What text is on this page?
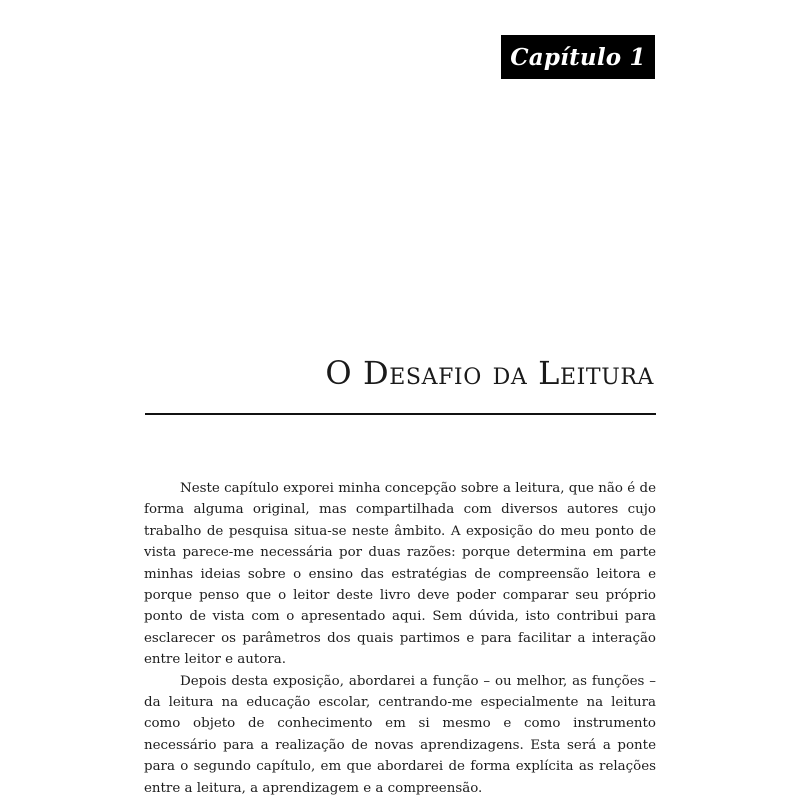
Capítulo 1
O Desafio da Leitura

Neste capítulo exporei minha concepção sobre a leitura, que não é de forma alguma original, mas compartilhada com diversos autores cujo trabalho de pesquisa situa-se neste âmbito. A exposição do meu ponto de vista parece-me necessária por duas razões: porque determina em parte minhas ideias sobre o ensino das estratégias de compreensão leitora e porque penso que o leitor deste livro deve poder comparar seu próprio ponto de vista com o apresentado aqui. Sem dúvida, isto contribui para esclarecer os parâmetros dos quais partimos e para facilitar a interação entre leitor e autora.

Depois desta exposição, abordarei a função – ou melhor, as funções – da leitura na educação escolar, centrando-me especialmente na leitura como objeto de conhecimento em si mesmo e como instrumento necessário para a realização de novas aprendizagens. Esta será a ponte para o segundo capítulo, em que abordarei de forma explícita as relações entre a leitura, a aprendizagem e a compreensão.
